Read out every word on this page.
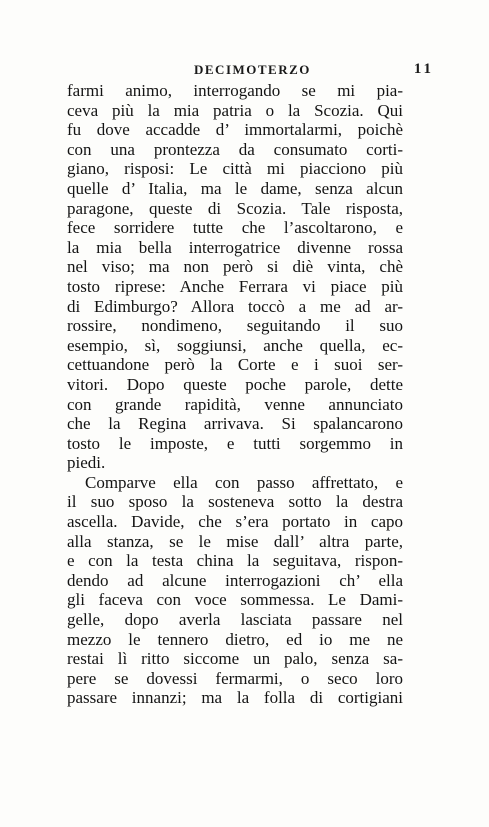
DECIMOTERZO	11
farmi animo, interrogando se mi pia-
ceva più la mia patria o la Scozia. Qui
fu dove accadde d’ immortalarmi, poichè
con una prontezza da consumato corti-
giano, risposi: Le città mi piacciono più
quelle d’ Italia, ma le dame, senza alcun
paragone, queste di Scozia. Tale risposta,
fece sorridere tutte che l’ascoltarono, e
la mia bella interrogatrice divenne rossa
nel viso; ma non però si diè vinta, chè
tosto riprese: Anche Ferrara vi piace più
di Edimburgo? Allora toccò a me ad ar-
rossire, nondimeno, seguitando il suo
esempio, sì, soggiunsi, anche quella, ec-
cettuandone però la Corte e i suoi ser-
vitori. Dopo queste poche parole, dette
con grande rapidità, venne annunciato
che la Regina arrivava. Si spalancarono
tosto le imposte, e tutti sorgemmo in
piedi.
Comparve ella con passo affrettato, e
il suo sposo la sosteneva sotto la destra
ascella. Davide, che s’era portato in capo
alla stanza, se le mise dall’ altra parte,
e con la testa china la seguitava, rispon-
dendo ad alcune interrogazioni ch’ ella
gli faceva con voce sommessa. Le Dami-
gelle, dopo averla lasciata passare nel
mezzo le tennero dietro, ed io me ne
restai lì ritto siccome un palo, senza sa-
pere se dovessi fermarmi, o seco loro
passare innanzi; ma la folla di cortigiani
